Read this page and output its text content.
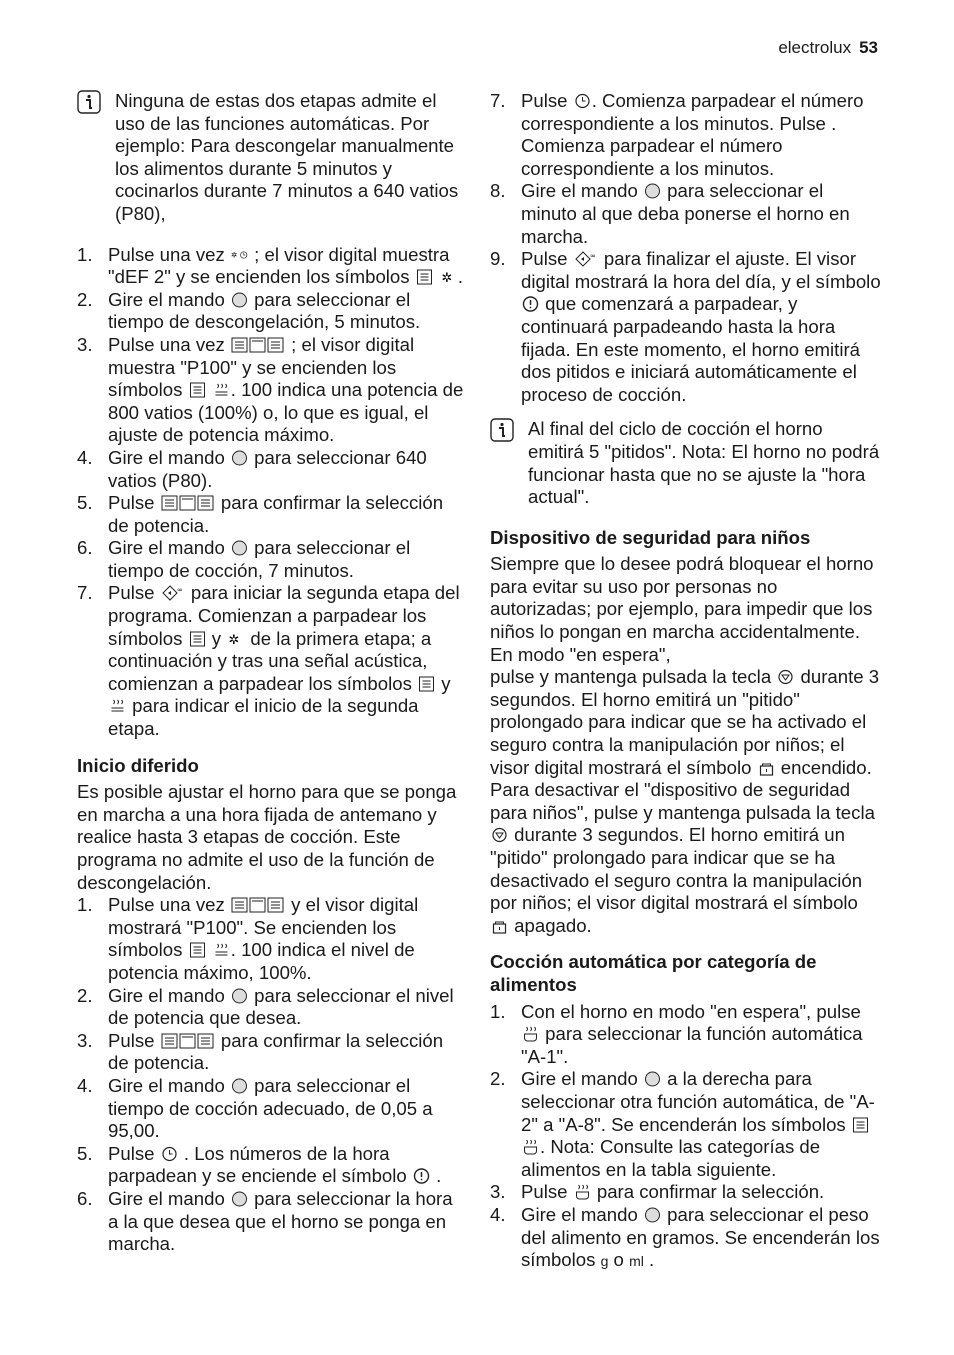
electrolux 53
Ninguna de estas dos etapas admite el uso de las funciones automáticas. Por ejemplo: Para descongelar manualmente los alimentos durante 5 minutos y cocinarlos durante 7 minutos a 640 vatios (P80),
1. Pulse una vez ✲ ; el visor digital muestra "dEF 2" y se encienden los símbolos
✲ .
2. Gire el mando para seleccionar el tiempo de descongelación, 5 minutos.
3. Pulse una vez	; el visor digital muestra "P100" y se encienden los símbolos
	. 100 indica una potencia de 800 vatios (100%) o, lo que es igual, el ajuste de potencia máximo.
4. Gire el mando para seleccionar 640 vatios (P80).
5. Pulse	para confirmar la selección de potencia.
6. Gire el mando para seleccionar el tiempo de cocción, 7 minutos.
7. Pulse	∞ para iniciar la segunda etapa del programa. Comienzan a parpadear los símbolos y ✲ de la primera etapa; a continuación y tras una señal acústica, comienzan a parpadear los símbolos y
para indicar el inicio de la segunda etapa.
Inicio diferido

Es posible ajustar el horno para que se ponga en marcha a una hora fijada de antemano y realice hasta 3 etapas de cocción. Este programa no admite el uso de la función de descongelación.

1. Pulse una vez	y el visor digital mostrará "P100". Se encienden los símbolos
	. 100 indica el nivel de potencia máximo, 100%.
2. Gire el mando para seleccionar el nivel de potencia que desea.
3. Pulse	para confirmar la selección de potencia.
4. Gire el mando para seleccionar el tiempo de cocción adecuado, de 0,05 a 95,00.
5. Pulse . Los números de la hora parpadean y se enciende el símbolo .
6. Gire el mando para seleccionar la hora a la que desea que el horno se ponga en marcha.
7. Pulse . Comienza parpadear el número correspondiente a los minutos. Pulse . Comienza parpadear el número correspondiente a los minutos.
8. Gire el mando para seleccionar el minuto al que deba ponerse el horno en marcha.
9. Pulse	∞ para finalizar el ajuste. El visor digital mostrará la hora del día, y el símbolo
que comenzará a parpadear, y continuará parpadeando hasta la hora fijada. En este momento, el horno emitirá dos pitidos e iniciará automáticamente el proceso de cocción.
Al final del ciclo de cocción el horno emitirá 5 "pitidos". Nota: El horno no podrá funcionar hasta que no se ajuste la "hora actual".
Dispositivo de seguridad para niños

Siempre que lo desee podrá bloquear el horno para evitar su uso por personas no autorizadas; por ejemplo, para impedir que los niños lo pongan en marcha accidentalmente. En modo "en espera",

pulse y mantenga pulsada la tecla durante 3 segundos. El horno emitirá un "pitido" prolongado para indicar que se ha activado el seguro contra la manipulación por niños; el visor digital mostrará el símbolo encendido.

Para desactivar el "dispositivo de seguridad para niños", pulse y mantenga pulsada la tecla
durante 3 segundos. El horno emitirá un "pitido" prolongado para indicar que se ha desactivado el seguro contra la manipulación por niños; el visor digital mostrará el símbolo
apagado.

Cocción automática por categoría de alimentos
1. Con el horno en modo "en espera", pulse
para seleccionar la función automática "A-1".
2. Gire el mando a la derecha para seleccionar otra función automática, de "A-2" a "A-8". Se encenderán los símbolos

. Nota: Consulte las categorías de alimentos en la tabla siguiente.
3. Pulse para confirmar la selección.
4. Gire el mando para seleccionar el peso del alimento en gramos. Se encenderán los símbolos g o ml .
